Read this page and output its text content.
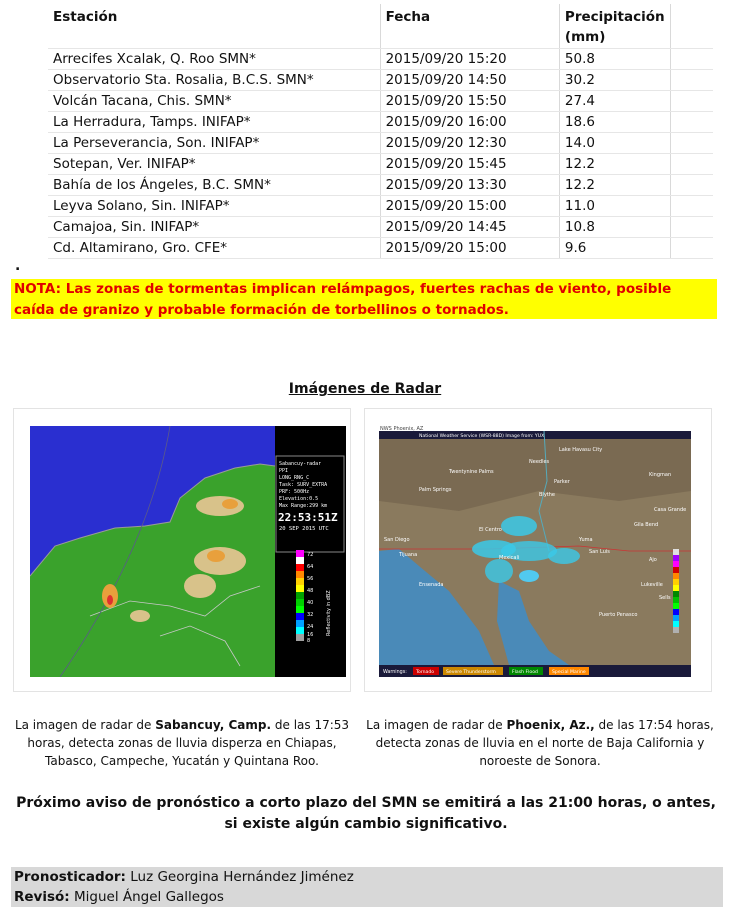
Estación	Fecha	Precipitación
(mm)	
Arrecifes Xcalak, Q. Roo SMN*	2015/09/20 15:20	50.8	
Observatorio Sta. Rosalia, B.C.S. SMN*	2015/09/20 14:50	30.2	
Volcán Tacana, Chis. SMN*	2015/09/20 15:50	27.4	
La Herradura, Tamps. INIFAP*	2015/09/20 16:00	18.6	
La Perseverancia, Son. INIFAP*	2015/09/20 12:30	14.0	
Sotepan, Ver. INIFAP*	2015/09/20 15:45	12.2	
Bahía de los Ángeles, B.C. SMN*	2015/09/20 13:30	12.2	
Leyva Solano, Sin. INIFAP*	2015/09/20 15:00	11.0	
Camajoa, Sin. INIFAP*	2015/09/20 14:45	10.8	
Cd. Altamirano, Gro. CFE*	2015/09/20 15:00	9.6	
.
NOTA: Las zonas de tormentas implican relámpagos, fuertes rachas de viento, posible caída de granizo y probable formación de torbellinos o tornados.
Imágenes de Radar
Sabancuy-radar
PPI
LONG_RNG_C
Task: SURV_EXTRA
PRF: 500Hz
Elevation:0.5
Max Range:299 km
22:53:51Z
20 SEP 2015 UTC
72
64
56
48
40
32
24
16
8
Reflectivity in dBZ
NWS Phoenix, AZ
National Weather Service (WSR-88D) Image from: YUX
Lake Havasu City
Needles
Twentynine Palms
Palm Springs
Blythe
Parker
Kingman
Yuma
El Centro
San Diego
Tijuana	Mexicali
Ensenada
San Luis
Gila Bend
Ajo
Puerto Penasco
Lukeville
Sells
Casa Grande
Warnings: Tornado	Severe Thunderstorm	Flash Flood	Special Marine
La imagen de radar de Sabancuy, Camp. de las 17:53 horas, detecta zonas de lluvia disperza en Chiapas, Tabasco, Campeche, Yucatán y Quintana Roo.
La imagen de radar de Phoenix, Az., de las 17:54 horas, detecta zonas de lluvia en el norte de Baja California y noroeste de Sonora.
Próximo aviso de pronóstico a corto plazo del SMN se emitirá a las 21:00 horas, o antes, si existe algún cambio significativo.
Pronosticador: Luz Georgina Hernández Jiménez
Revisó: Miguel Ángel Gallegos
